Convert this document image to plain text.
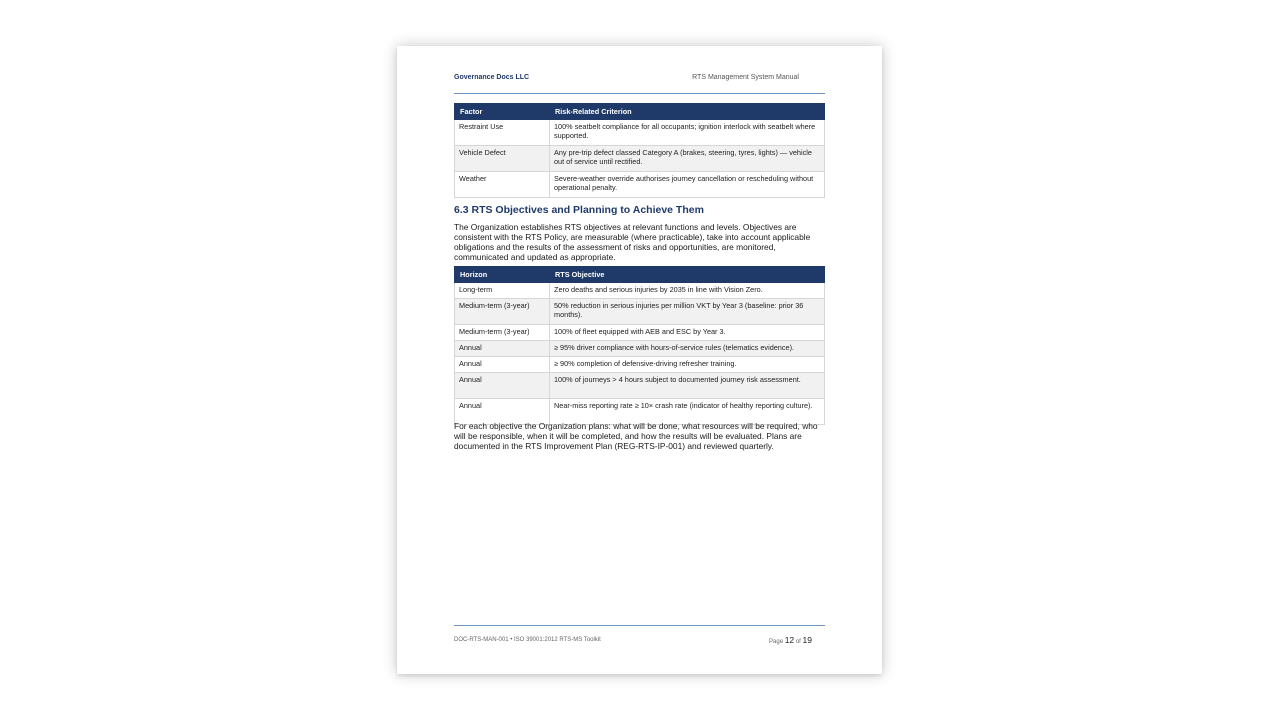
Governance Docs LLC	RTS Management System Manual
Factor	Risk-Related Criterion
Restraint Use	100% seatbelt compliance for all occupants; ignition interlock with seatbelt where supported.
Vehicle Defect	Any pre-trip defect classed Category A (brakes, steering, tyres, lights) — vehicle out of service until rectified.
Weather	Severe-weather override authorises journey cancellation or rescheduling without operational penalty.
6.3 RTS Objectives and Planning to Achieve Them
The Organization establishes RTS objectives at relevant functions and levels. Objectives are consistent with the RTS Policy, are measurable (where practicable), take into account applicable obligations and the results of the assessment of risks and opportunities, are monitored, communicated and updated as appropriate.
Horizon	RTS Objective
Long-term	Zero deaths and serious injuries by 2035 in line with Vision Zero.
Medium-term (3-year)	50% reduction in serious injuries per million VKT by Year 3 (baseline: prior 36 months).
Medium-term (3-year)	100% of fleet equipped with AEB and ESC by Year 3.
Annual	≥ 95% driver compliance with hours-of-service rules (telematics evidence).
Annual	≥ 90% completion of defensive-driving refresher training.
Annual	100% of journeys > 4 hours subject to documented journey risk assessment.
Annual	Near-miss reporting rate ≥ 10× crash rate (indicator of healthy reporting culture).
For each objective the Organization plans: what will be done, what resources will be required, who will be responsible, when it will be completed, and how the results will be evaluated. Plans are documented in the RTS Improvement Plan (REG-RTS-IP-001) and reviewed quarterly.
DOC-RTS-MAN-001 • ISO 39001:2012 RTS-MS Toolkit	Page 12 of 19
